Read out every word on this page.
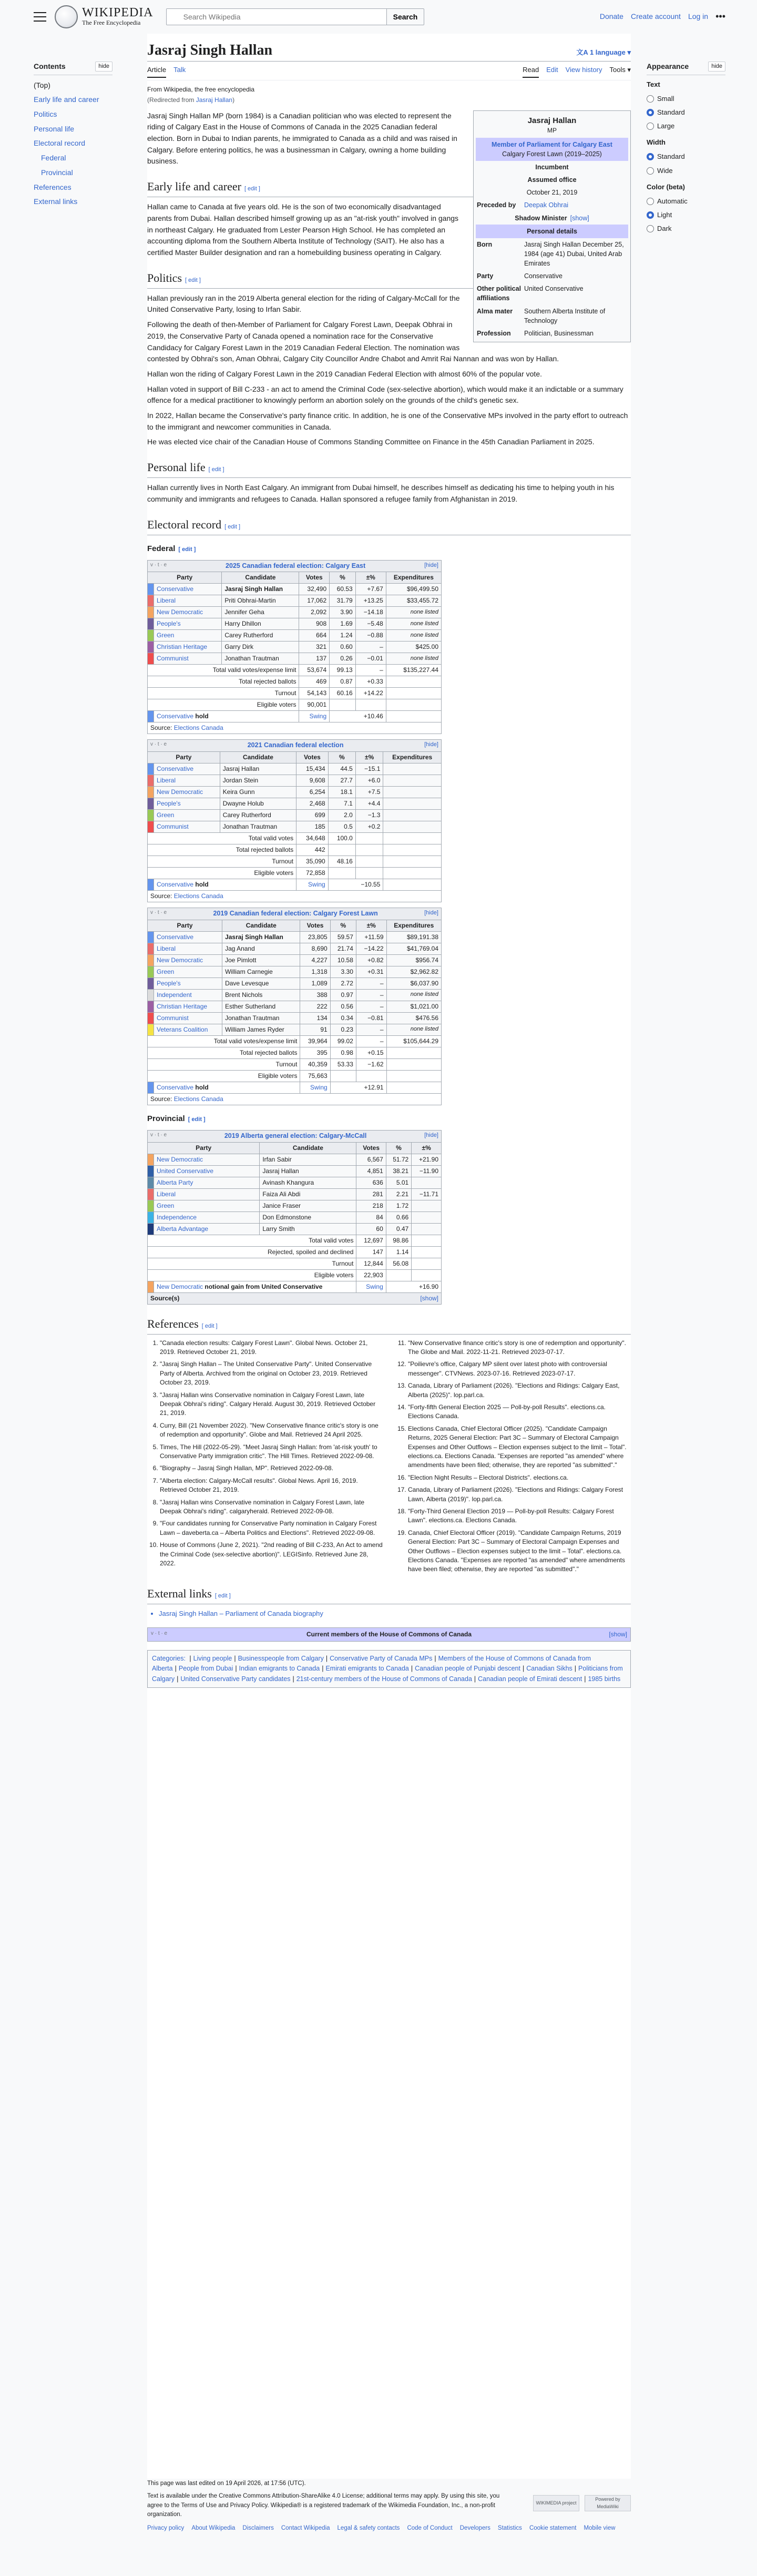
WIKIPEDIA
The Free Encyclopedia
Search Wikipedia
Search	Donate Create account Log in •••
Contents	hide
(Top)
Early life and career
Politics
Personal life
Electoral record
Federal
Provincial
References
External links
Appearance	hide
Text
Small
Standard
Large
Width
Standard
Wide
Color (beta)
Automatic
Light
Dark
Jasraj Singh Hallan	文A 1 language ▾
Article Talk	Read Edit View history Tools ▾
From Wikipedia, the free encyclopedia
(Redirected from Jasraj Hallan)
Jasraj Hallan
MP
Member of Parliament for Calgary East
Calgary Forest Lawn (2019–2025)
Incumbent
Assumed office
October 21, 2019
Preceded by	Deepak Obhrai
Shadow Minister [show]
Personal details
Born	Jasraj Singh Hallan December 25, 1984 (age 41) Dubai, United Arab Emirates
Party	Conservative
Other political affiliations
United Conservative
Alma mater	Southern Alberta Institute of Technology
Profession	Politician, Businessman

Jasraj Singh Hallan MP (born 1984) is a Canadian politician who was elected to represent the riding of Calgary East in the House of Commons of Canada in the 2025 Canadian federal election. Born in Dubai to Indian parents, he immigrated to Canada as a child and was raised in Calgary. Before entering politics, he was a businessman in Calgary, owning a home building business.

Early life and career [ edit ]

Hallan came to Canada at five years old. He is the son of two economically disadvantaged parents from Dubai. Hallan described himself growing up as an "at-risk youth" involved in gangs in northeast Calgary. He graduated from Lester Pearson High School. He has completed an accounting diploma from the Southern Alberta Institute of Technology (SAIT). He also has a certified Master Builder designation and ran a homebuilding business operating in Calgary.

Politics [ edit ]

Hallan previously ran in the 2019 Alberta general election for the riding of Calgary-McCall for the United Conservative Party, losing to Irfan Sabir.

Following the death of then-Member of Parliament for Calgary Forest Lawn, Deepak Obhrai in 2019, the Conservative Party of Canada opened a nomination race for the Conservative Candidacy for Calgary Forest Lawn in the 2019 Canadian Federal Election. The nomination was contested by Obhrai's son, Aman Obhrai, Calgary City Councillor Andre Chabot and Amrit Rai Nannan and was won by Hallan.

Hallan won the riding of Calgary Forest Lawn in the 2019 Canadian Federal Election with almost 60% of the popular vote.

Hallan voted in support of Bill C-233 - an act to amend the Criminal Code (sex-selective abortion), which would make it an indictable or a summary offence for a medical practitioner to knowingly perform an abortion solely on the grounds of the child's genetic sex.

In 2022, Hallan became the Conservative's party finance critic. In addition, he is one of the Conservative MPs involved in the party effort to outreach to the immigrant and newcomer communities in Canada.

He was elected vice chair of the Canadian House of Commons Standing Committee on Finance in the 45th Canadian Parliament in 2025.

Personal life [ edit ]

Hallan currently lives in North East Calgary. An immigrant from Dubai himself, he describes himself as dedicating his time to helping youth in his community and immigrants and refugees to Canada. Hallan sponsored a refugee family from Afghanistan in 2019.

Electoral record [ edit ]
Federal [ edit ]
v · t · e [hide]
2025 Canadian federal election: Calgary East						
Party		Candidate	Votes	%	±%	Expenditures
	Conservative	Jasraj Singh Hallan	32,490	60.53	+7.67	$96,499.50
	Liberal	Priti Obhrai-Martin	17,062	31.79	+13.25	$33,455.72
	New Democratic	Jennifer Geha	2,092	3.90	−14.18	none listed
	People's	Harry Dhillon	908	1.69	−5.48	none listed
	Green	Carey Rutherford	664	1.24	−0.88	none listed
	Christian Heritage	Garry Dirk	321	0.60	–	$425.00
	Communist	Jonathan Trautman	137	0.26	−0.01	none listed
Total valid votes/expense limit			53,674	99.13	–	$135,227.44
Total rejected ballots			469	0.87	+0.33	
Turnout			54,143	60.16	+14.22	
Eligible voters			90,001			
	Conservative hold		Swing	+10.46		
Source: Elections Canada						
v · t · e [hide]
2021 Canadian federal election						
Party		Candidate	Votes	%	±%	Expenditures
	Conservative	Jasraj Hallan	15,434	44.5	−15.1	
	Liberal	Jordan Stein	9,608	27.7	+6.0	
	New Democratic	Keira Gunn	6,254	18.1	+7.5	
	People's	Dwayne Holub	2,468	7.1	+4.4	
	Green	Carey Rutherford	699	2.0	−1.3	
	Communist	Jonathan Trautman	185	0.5	+0.2	
Total valid votes			34,648	100.0		
Total rejected ballots			442			
Turnout			35,090	48.16		
Eligible voters			72,858			
	Conservative hold		Swing	−10.55		
Source: Elections Canada						
v · t · e [hide]
2019 Canadian federal election: Calgary Forest Lawn						
Party		Candidate	Votes	%	±%	Expenditures
	Conservative	Jasraj Singh Hallan	23,805	59.57	+11.59	$89,191.38
	Liberal	Jag Anand	8,690	21.74	−14.22	$41,769.04
	New Democratic	Joe Pimlott	4,227	10.58	+0.82	$956.74
	Green	William Carnegie	1,318	3.30	+0.31	$2,962.82
	People's	Dave Levesque	1,089	2.72	–	$6,037.90
	Independent	Brent Nichols	388	0.97	–	none listed
	Christian Heritage	Esther Sutherland	222	0.56	–	$1,021.00
	Communist	Jonathan Trautman	134	0.34	−0.81	$476.56
	Veterans Coalition	William James Ryder	91	0.23	–	none listed
Total valid votes/expense limit			39,964	99.02	–	$105,644.29
Total rejected ballots			395	0.98	+0.15	
Turnout			40,359	53.33	−1.62	
Eligible voters			75,663			
	Conservative hold		Swing	+12.91		
Source: Elections Canada						
Provincial [ edit ]
v · t · e [hide]
2019 Alberta general election: Calgary-McCall					
Party		Candidate	Votes	%	±%
	New Democratic	Irfan Sabir	6,567	51.72	+21.90
	United Conservative	Jasraj Hallan	4,851	38.21	−11.90
	Alberta Party	Avinash Khangura	636	5.01	
	Liberal	Faiza Ali Abdi	281	2.21	−11.71
	Green	Janice Fraser	218	1.72	
	Independence	Don Edmonstone	84	0.66	
	Alberta Advantage	Larry Smith	60	0.47	
Total valid votes			12,697	98.86	
Rejected, spoiled and declined			147	1.14	
Turnout			12,844	56.08	
Eligible voters			22,903		
	New Democratic notional gain from United Conservative		Swing	+16.90	
Source(s) [show]					
References [ edit ]
1. "Canada election results: Calgary Forest Lawn". Global News. October 21, 2019. Retrieved October 21, 2019.
2. "Jasraj Singh Hallan – The United Conservative Party". United Conservative Party of Alberta. Archived from the original on October 23, 2019. Retrieved October 23, 2019.
3. "Jasraj Hallan wins Conservative nomination in Calgary Forest Lawn, late Deepak Obhrai's riding". Calgary Herald. August 30, 2019. Retrieved October 21, 2019.
4. Curry, Bill (21 November 2022). "New Conservative finance critic's story is one of redemption and opportunity". Globe and Mail. Retrieved 24 April 2025.
5. Times, The Hill (2022-05-29). "Meet Jasraj Singh Hallan: from 'at-risk youth' to Conservative Party immigration critic". The Hill Times. Retrieved 2022-09-08.
6. "Biography – Jasraj Singh Hallan, MP". Retrieved 2022-09-08.
7. "Alberta election: Calgary-McCall results". Global News. April 16, 2019. Retrieved October 21, 2019.
8. "Jasraj Hallan wins Conservative nomination in Calgary Forest Lawn, late Deepak Obhrai's riding". calgaryherald. Retrieved 2022-09-08.
9. "Four candidates running for Conservative Party nomination in Calgary Forest Lawn – daveberta.ca – Alberta Politics and Elections". Retrieved 2022-09-08.
10. House of Commons (June 2, 2021). "2nd reading of Bill C-233, An Act to amend the Criminal Code (sex-selective abortion)". LEGISinfo. Retrieved June 28, 2022.
11. "New Conservative finance critic's story is one of redemption and opportunity". The Globe and Mail. 2022-11-21. Retrieved 2023-07-17.
12. "Poilievre's office, Calgary MP silent over latest photo with controversial messenger". CTVNews. 2023-07-16. Retrieved 2023-07-17.
13. Canada, Library of Parliament (2026). "Elections and Ridings: Calgary East, Alberta (2025)". lop.parl.ca.
14. "Forty-fifth General Election 2025 — Poll-by-poll Results". elections.ca. Elections Canada.
15. Elections Canada, Chief Electoral Officer (2025). "Candidate Campaign Returns, 2025 General Election: Part 3C – Summary of Electoral Campaign Expenses and Other Outflows – Election expenses subject to the limit – Total". elections.ca. Elections Canada. "Expenses are reported "as amended" where amendments have been filed; otherwise, they are reported "as submitted"."
16. "Election Night Results – Electoral Districts". elections.ca.
17. Canada, Library of Parliament (2026). "Elections and Ridings: Calgary Forest Lawn, Alberta (2019)". lop.parl.ca.
18. "Forty-Third General Election 2019 — Poll-by-poll Results: Calgary Forest Lawn". elections.ca. Elections Canada.
19. Canada, Chief Electoral Officer (2019). "Candidate Campaign Returns, 2019 General Election: Part 3C – Summary of Electoral Campaign Expenses and Other Outflows – Election expenses subject to the limit – Total". elections.ca. Elections Canada. "Expenses are reported "as amended" where amendments have been filed; otherwise, they are reported "as submitted"."
External links [ edit ]
• Jasraj Singh Hallan – Parliament of Canada biography
v · t · e	Current members of the House of Commons of Canada	[show]
Categories: | Living people | Businesspeople from Calgary | Conservative Party of Canada MPs | Members of the House of Commons of Canada from Alberta | People from Dubai | Indian emigrants to Canada | Emirati emigrants to Canada | Canadian people of Punjabi descent | Canadian Sikhs | Politicians from Calgary | United Conservative Party candidates | 21st-century members of the House of Commons of Canada | Canadian people of Emirati descent | 1985 births
This page was last edited on 19 April 2026, at 17:56 (UTC).
Text is available under the Creative Commons Attribution-ShareAlike 4.0 License; additional terms may apply. By using this site, you agree to the Terms of Use and Privacy Policy. Wikipedia® is a registered trademark of the Wikimedia Foundation, Inc., a non-profit organization.
Privacy policy About Wikipedia Disclaimers Contact Wikipedia Legal & safety contacts Code of Conduct Developers Statistics Cookie statement Mobile view
WIKIMEDIA project
Powered by MediaWiki
